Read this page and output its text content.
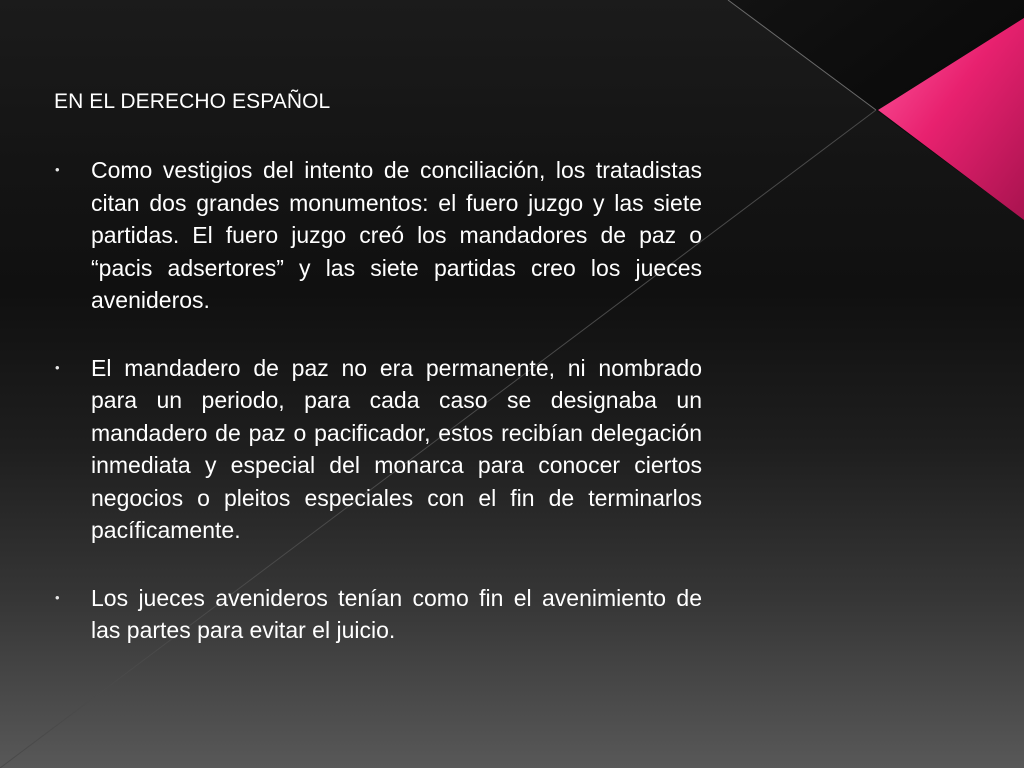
EN EL DERECHO ESPAÑOL
• Como vestigios del intento de conciliación, los tratadistas citan dos grandes monumentos: el fuero juzgo y las siete partidas. El fuero juzgo creó los mandadores de paz o “pacis adsertores” y las siete partidas creo los jueces avenideros.
• El mandadero de paz no era permanente, ni nombrado para un periodo, para cada caso se designaba un mandadero de paz o pacificador, estos recibían delegación inmediata y especial del monarca para conocer ciertos negocios o pleitos especiales con el fin de terminarlos pacíficamente.
• Los jueces avenideros tenían como fin el avenimiento de las partes para evitar el juicio.
